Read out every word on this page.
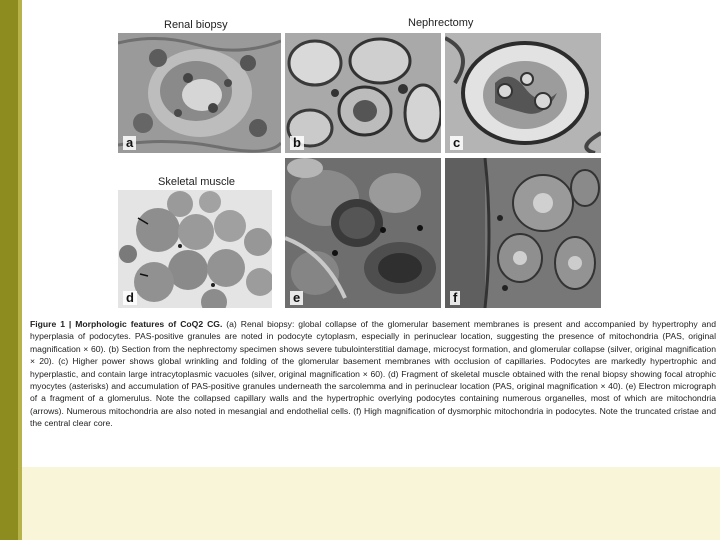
Renal biopsy	Nephrectomy
Skeletal muscle
a	b	c
d	e	f
Figure 1 | Morphologic features of CoQ2 CG. (a) Renal biopsy: global collapse of the glomerular basement membranes is present and accompanied by hypertrophy and hyperplasia of podocytes. PAS-positive granules are noted in podocyte cytoplasm, especially in perinuclear location, suggesting the presence of mitochondria (PAS, original magnification × 60). (b) Section from the nephrectomy specimen shows severe tubulointerstitial damage, microcyst formation, and glomerular collapse (silver, original magnification × 20). (c) Higher power shows global wrinkling and folding of the glomerular basement membranes with occlusion of capillaries. Podocytes are markedly hypertrophic and hyperplastic, and contain large intracytoplasmic vacuoles (silver, original magnification × 60). (d) Fragment of skeletal muscle obtained with the renal biopsy showing focal atrophic myocytes (asterisks) and accumulation of PAS-positive granules underneath the sarcolemma and in perinuclear location (PAS, original magnification × 40). (e) Electron micrograph of a fragment of a glomerulus. Note the collapsed capillary walls and the hypertrophic overlying podocytes containing numerous organelles, most of which are mitochondria (arrows). Numerous mitochondria are also noted in mesangial and endothelial cells. (f) High magnification of dysmorphic mitochondria in podocytes. Note the truncated cristae and the central clear core.
